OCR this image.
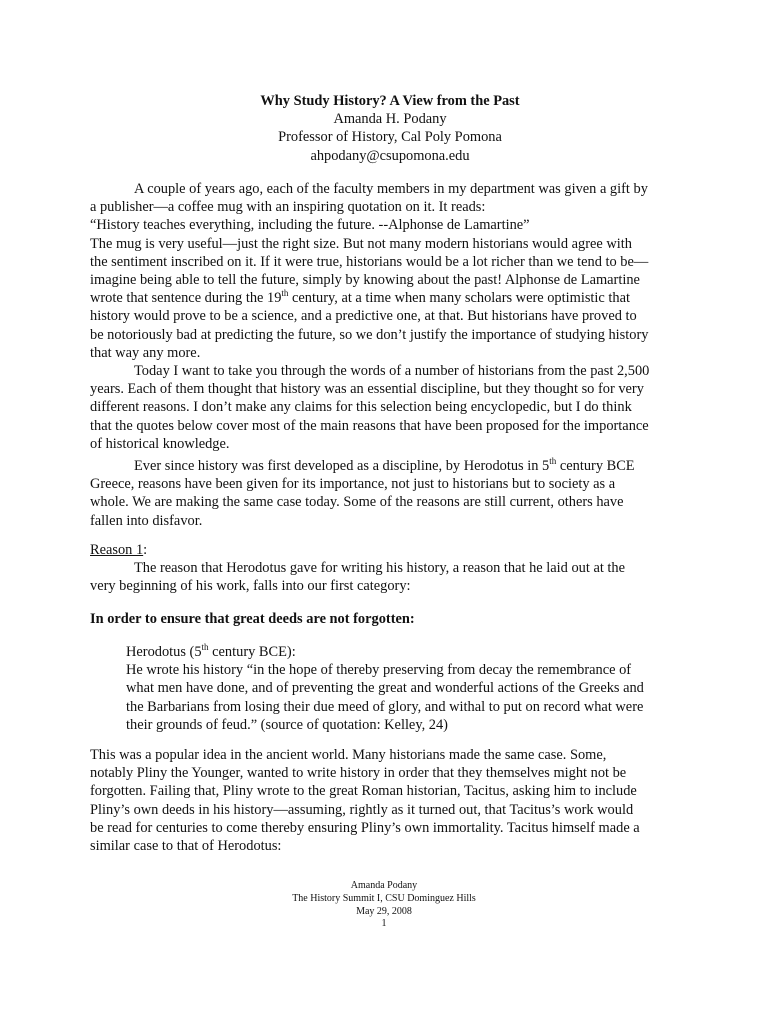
Why Study History? A View from the Past
Amanda H. Podany
Professor of History, Cal Poly Pomona
ahpodany@csupomona.edu
A couple of years ago, each of the faculty members in my department was given a gift by
a publisher—a coffee mug with an inspiring quotation on it. It reads:
“History teaches everything, including the future. --Alphonse de Lamartine”
The mug is very useful—just the right size. But not many modern historians would agree with
the sentiment inscribed on it. If it were true, historians would be a lot richer than we tend to be—
imagine being able to tell the future, simply by knowing about the past! Alphonse de Lamartine
wrote that sentence during the 19th century, at a time when many scholars were optimistic that
history would prove to be a science, and a predictive one, at that. But historians have proved to
be notoriously bad at predicting the future, so we don’t justify the importance of studying history
that way any more.
Today I want to take you through the words of a number of historians from the past 2,500
years. Each of them thought that history was an essential discipline, but they thought so for very
different reasons. I don’t make any claims for this selection being encyclopedic, but I do think
that the quotes below cover most of the main reasons that have been proposed for the importance
of historical knowledge.
Ever since history was first developed as a discipline, by Herodotus in 5th century BCE
Greece, reasons have been given for its importance, not just to historians but to society as a
whole. We are making the same case today. Some of the reasons are still current, others have
fallen into disfavor.
Reason 1:
The reason that Herodotus gave for writing his history, a reason that he laid out at the
very beginning of his work, falls into our first category:
In order to ensure that great deeds are not forgotten:
Herodotus (5th century BCE):
He wrote his history “in the hope of thereby preserving from decay the remembrance of
what men have done, and of preventing the great and wonderful actions of the Greeks and
the Barbarians from losing their due meed of glory, and withal to put on record what were
their grounds of feud.” (source of quotation: Kelley, 24)
This was a popular idea in the ancient world. Many historians made the same case. Some,
notably Pliny the Younger, wanted to write history in order that they themselves might not be
forgotten. Failing that, Pliny wrote to the great Roman historian, Tacitus, asking him to include
Pliny’s own deeds in his history—assuming, rightly as it turned out, that Tacitus’s work would
be read for centuries to come thereby ensuring Pliny’s own immortality. Tacitus himself made a
similar case to that of Herodotus:
Amanda Podany
The History Summit I, CSU Dominguez Hills
May 29, 2008
1
